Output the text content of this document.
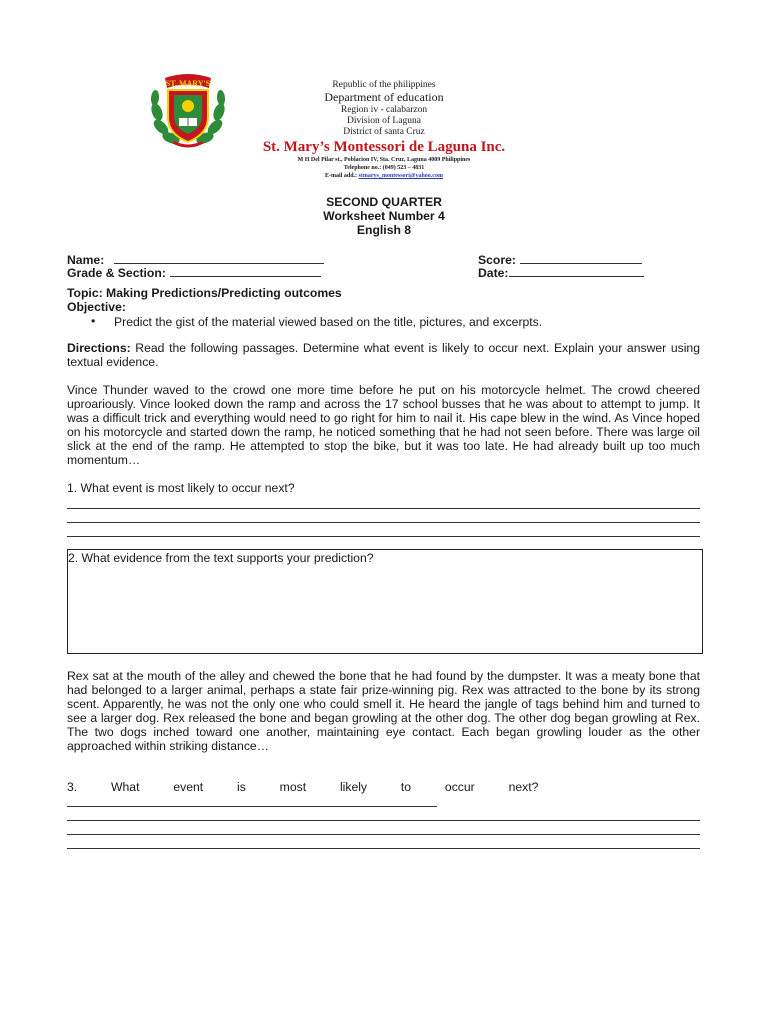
ST. MARY'S	Republic of the philippines
Department of education
Region iv - calabarzon
Division of Laguna
District of santa Cruz
St. Mary’s Montessori de Laguna Inc.
M H Del Pilar st., Poblacion IV, Sta. Cruz, Laguna 4009 Philippines
Telephone no.: (049) 523 – 4831
E-mail add.: stmarys_montessori@yahoo.com
SECOND QUARTER
Worksheet Number 4
English 8
Name:	Score:
Grade & Section:	Date:
Topic: Making Predictions/Predicting outcomes
Objective:
• Predict the gist of the material viewed based on the title, pictures, and excerpts.

Directions: Read the following passages. Determine what event is likely to occur next. Explain your answer using textual evidence.

Vince Thunder waved to the crowd one more time before he put on his motorcycle helmet. The crowd cheered uproariously. Vince looked down the ramp and across the 17 school busses that he was about to attempt to jump. It was a difficult trick and everything would need to go right for him to nail it. His cape blew in the wind. As Vince hoped on his motorcycle and started down the ramp, he noticed something that he had not seen before. There was large oil slick at the end of the ramp. He attempted to stop the bike, but it was too late. He had already built up too much momentum…

1. What event is most likely to occur next?
2. What evidence from the text supports your prediction?

Rex sat at the mouth of the alley and chewed the bone that he had found by the dumpster. It was a meaty bone that had belonged to a larger animal, perhaps a state fair prize-winning pig. Rex was attracted to the bone by its strong scent. Apparently, he was not the only one who could smell it. He heard the jangle of tags behind him and turned to see a larger dog. Rex released the bone and began growling at the other dog. The other dog began growling at Rex. The two dogs inched toward one another, maintaining eye contact. Each began growling louder as the other approached within striking distance…

3.          What          event          is          most          likely          to          occur          next?
